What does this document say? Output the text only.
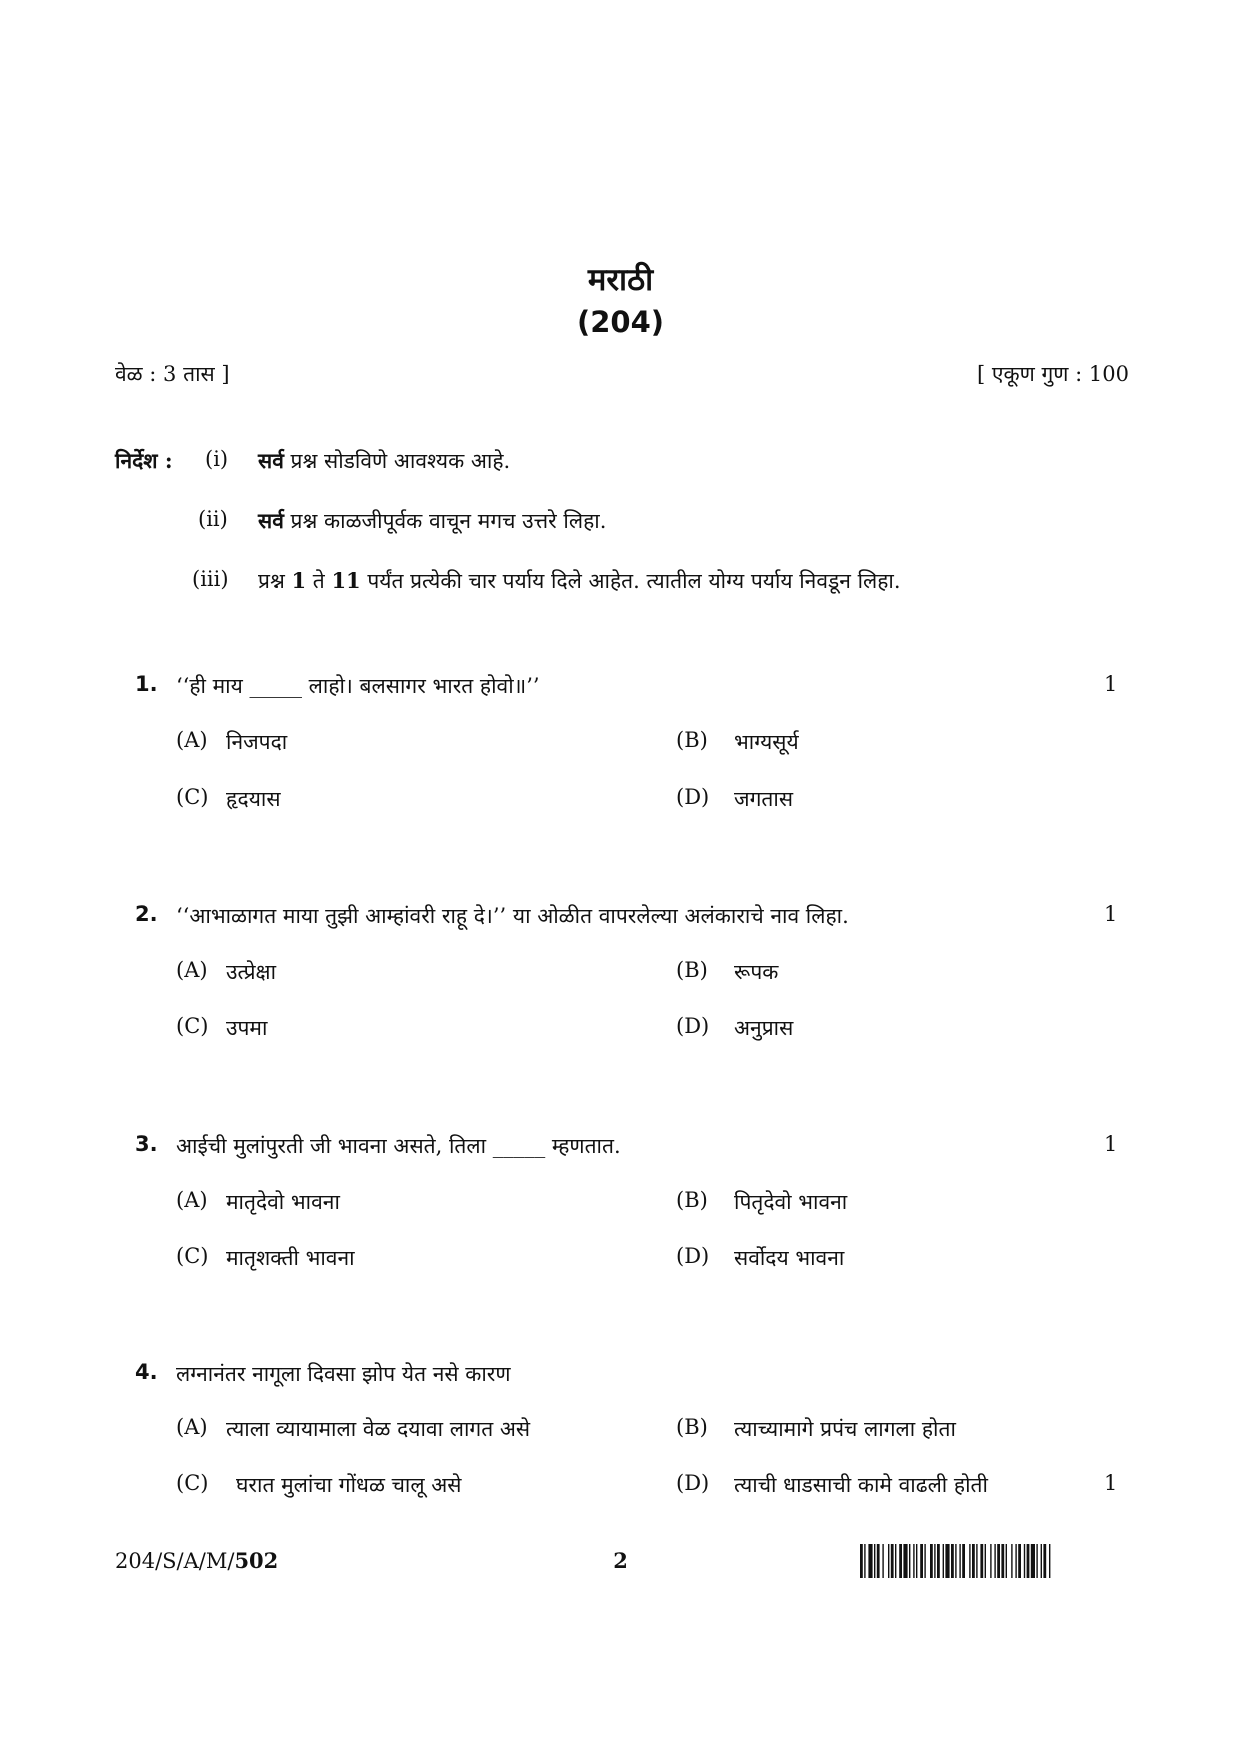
मराठी
(204)
वेळ : 3 तास ]	[ एकूण गुण : 100
निर्देश : (i) सर्व प्रश्न सोडविणे आवश्यक आहे.
(ii) सर्व प्रश्न काळजीपूर्वक वाचून मगच उत्तरे लिहा.
(iii) प्रश्न 1 ते 11 पर्यंत प्रत्येकी चार पर्याय दिले आहेत. त्यातील योग्य पर्याय निवडून लिहा.
1. ‘‘ही माय _____ लाहो। बलसागर भारत होवो॥’’	1
(A) निजपदा	(B) भाग्यसूर्य
(C) हृदयास	(D) जगतास
2. ‘‘आभाळागत माया तुझी आम्हांवरी राहू दे।’’ या ओळीत वापरलेल्या अलंकाराचे नाव लिहा.	1
(A) उत्प्रेक्षा	(B) रूपक
(C) उपमा	(D) अनुप्रास
3. आईची मुलांपुरती जी भावना असते, तिला _____ म्हणतात.	1
(A) मातृदेवो भावना	(B) पितृदेवो भावना
(C) मातृशक्ती भावना	(D) सर्वोदय भावना
4. लग्नानंतर नागूला दिवसा झोप येत नसे कारण
(A) त्याला व्यायामाला वेळ दयावा लागत असे	(B) त्याच्यामागे प्रपंच लागला होता
(C) घरात मुलांचा गोंधळ चालू असे	(D) त्याची धाडसाची कामे वाढली होती	1
204/S/A/M/502	2
